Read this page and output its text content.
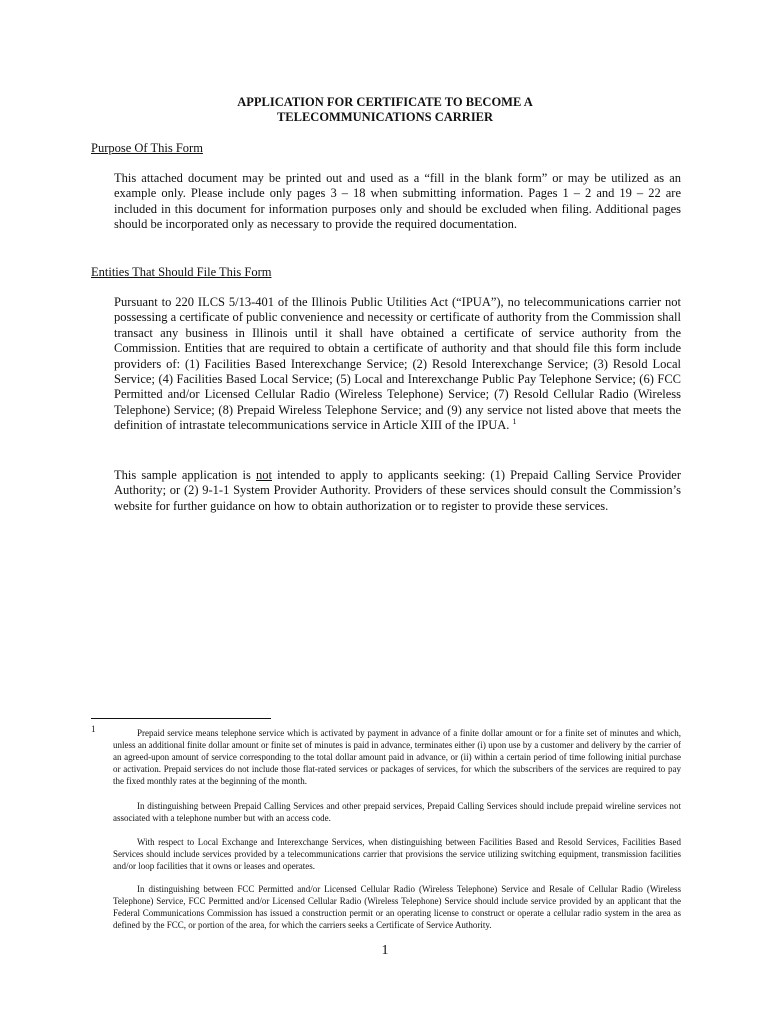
APPLICATION FOR CERTIFICATE TO BECOME A

TELECOMMUNICATIONS CARRIER

Purpose Of This Form

This attached document may be printed out and used as a “fill in the blank form” or may be utilized as an example only. Please include only pages 3 – 18 when submitting information. Pages 1 – 2 and 19 – 22 are included in this document for information purposes only and should be excluded when filing. Additional pages should be incorporated only as necessary to provide the required documentation.

Entities That Should File This Form

Pursuant to 220 ILCS 5/13-401 of the Illinois Public Utilities Act (“IPUA”), no telecommunications carrier not possessing a certificate of public convenience and necessity or certificate of authority from the Commission shall transact any business in Illinois until it shall have obtained a certificate of service authority from the Commission. Entities that are required to obtain a certificate of authority and that should file this form include providers of: (1) Facilities Based Interexchange Service; (2) Resold Interexchange Service; (3) Resold Local Service; (4) Facilities Based Local Service; (5) Local and Interexchange Public Pay Telephone Service; (6) FCC Permitted and/or Licensed Cellular Radio (Wireless Telephone) Service; (7) Resold Cellular Radio (Wireless Telephone) Service; (8) Prepaid Wireless Telephone Service; and (9) any service not listed above that meets the definition of intrastate telecommunications service in Article XIII of the IPUA. $^1$

This sample application is not intended to apply to applicants seeking: (1) Prepaid Calling Service Provider Authority; or (2) 9-1-1 System Provider Authority. Providers of these services should consult the Commission’s website for further guidance on how to obtain authorization or to register to provide these services.

1	Prepaid service means telephone service which is activated by payment in advance of a finite dollar amount or for a finite set of minutes and which, unless an additional finite dollar amount or finite set of minutes is paid in advance, terminates either (i) upon use by a customer and delivery by the carrier of an agreed-upon amount of service corresponding to the total dollar amount paid in advance, or (ii) within a certain period of time following initial purchase or activation. Prepaid services do not include those flat-rated services or packages of services, for which the subscribers of the services are required to pay the fixed monthly rates at the beginning of the month.

In distinguishing between Prepaid Calling Services and other prepaid services, Prepaid Calling Services should include prepaid wireline services not associated with a telephone number but with an access code.

With respect to Local Exchange and Interexchange Services, when distinguishing between Facilities Based and Resold Services, Facilities Based Services should include services provided by a telecommunications carrier that provisions the service utilizing switching equipment, transmission facilities and/or loop facilities that it owns or leases and operates.

In distinguishing between FCC Permitted and/or Licensed Cellular Radio (Wireless Telephone) Service and Resale of Cellular Radio (Wireless Telephone) Service, FCC Permitted and/or Licensed Cellular Radio (Wireless Telephone) Service should include service provided by an applicant that the Federal Communications Commission has issued a construction permit or an operating license to construct or operate a cellular radio system in the area as defined by the FCC, or portion of the area, for which the carriers seeks a Certificate of Service Authority.

1
